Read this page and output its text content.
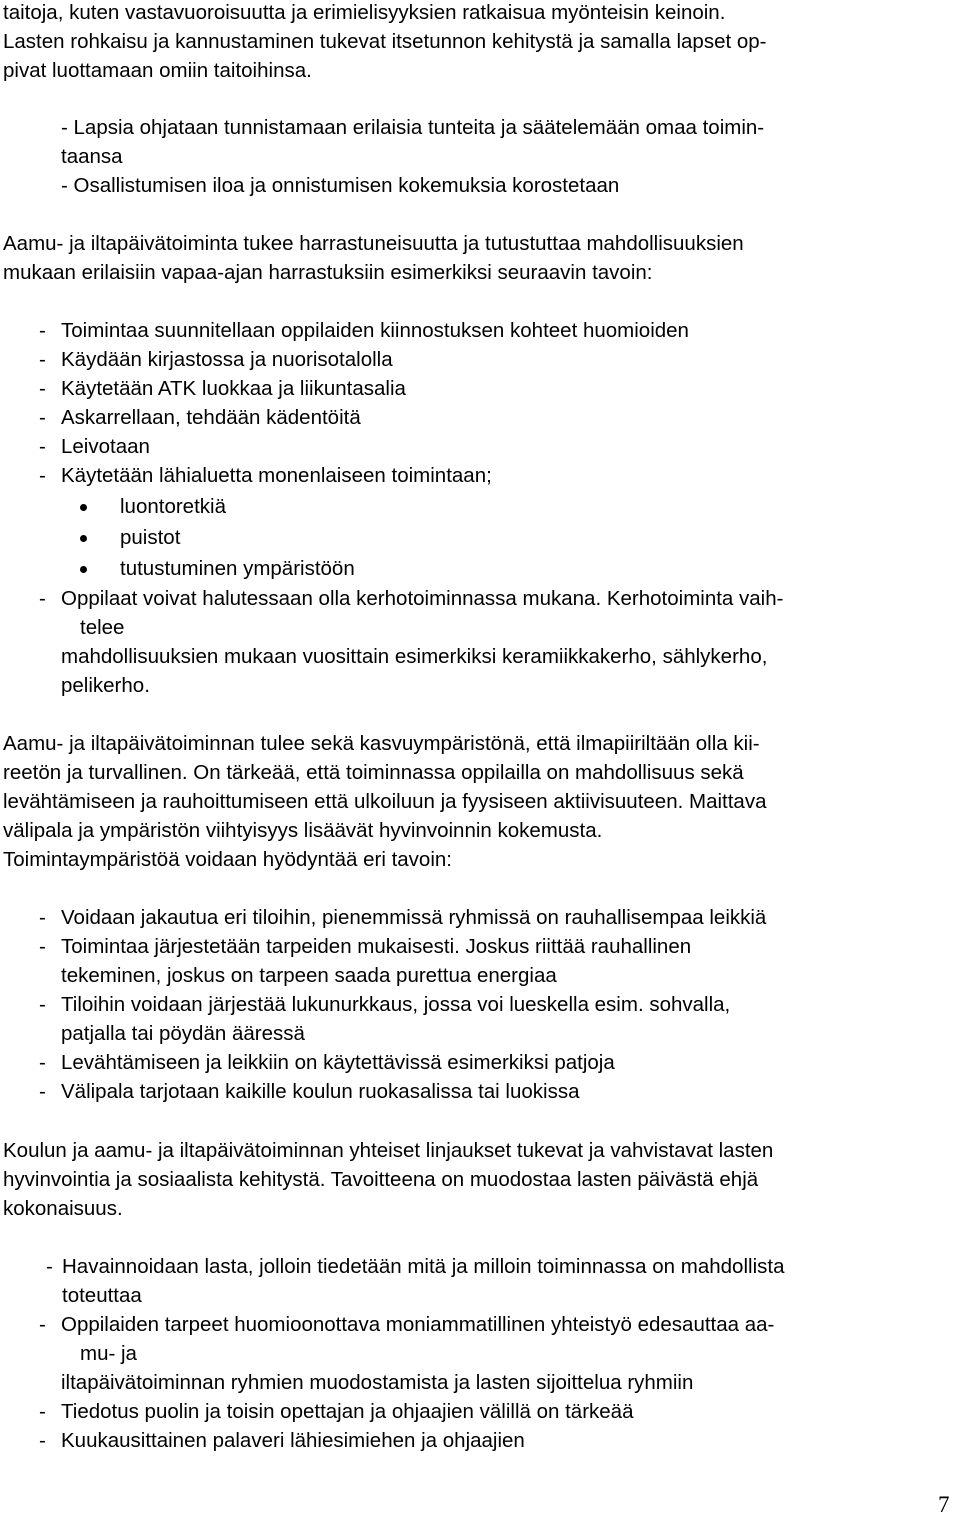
taitoja, kuten vastavuoroisuutta ja erimielisyyksien ratkaisua myönteisin keinoin.
Lasten rohkaisu ja kannustaminen tukevat itsetunnon kehitystä ja samalla lapset op-
pivat luottamaan omiin taitoihinsa.
- Lapsia ohjataan tunnistamaan erilaisia tunteita ja säätelemään omaa toimin-
taansa
- Osallistumisen iloa ja onnistumisen kokemuksia korostetaan
Aamu- ja iltapäivätoiminta tukee harrastuneisuutta ja tutustuttaa mahdollisuuksien
mukaan erilaisiin vapaa-ajan harrastuksiin esimerkiksi seuraavin tavoin:
- Toimintaa suunnitellaan oppilaiden kiinnostuksen kohteet huomioiden
- Käydään kirjastossa ja nuorisotalolla
- Käytetään ATK luokkaa ja liikuntasalia
- Askarrellaan, tehdään kädentöitä
- Leivotaan
- Käytetään lähialuetta monenlaiseen toimintaan;
luontoretkiä
puistot
tutustuminen ympäristöön
- Oppilaat voivat halutessaan olla kerhotoiminnassa mukana. Kerhotoiminta vaih-
telee
mahdollisuuksien mukaan vuosittain esimerkiksi keramiikkakerho, sählykerho,
pelikerho.
Aamu- ja iltapäivätoiminnan tulee sekä kasvuympäristönä, että ilmapiiriltään olla kii-
reetön ja turvallinen. On tärkeää, että toiminnassa oppilailla on mahdollisuus sekä
levähtämiseen ja rauhoittumiseen että ulkoiluun ja fyysiseen aktiivisuuteen. Maittava
välipala ja ympäristön viihtyisyys lisäävät hyvinvoinnin kokemusta.
Toimintaympäristöä voidaan hyödyntää eri tavoin:
- Voidaan jakautua eri tiloihin, pienemmissä ryhmissä on rauhallisempaa leikkiä
- Toimintaa järjestetään tarpeiden mukaisesti. Joskus riittää rauhallinen
tekeminen, joskus on tarpeen saada purettua energiaa
- Tiloihin voidaan järjestää lukunurkkaus, jossa voi lueskella esim. sohvalla,
patjalla tai pöydän ääressä
- Levähtämiseen ja leikkiin on käytettävissä esimerkiksi patjoja
- Välipala tarjotaan kaikille koulun ruokasalissa tai luokissa
Koulun ja aamu- ja iltapäivätoiminnan yhteiset linjaukset tukevat ja vahvistavat lasten
hyvinvointia ja sosiaalista kehitystä. Tavoitteena on muodostaa lasten päivästä ehjä
kokonaisuus.
- Havainnoidaan lasta, jolloin tiedetään mitä ja milloin toiminnassa on mahdollista
toteuttaa
- Oppilaiden tarpeet huomioonottava moniammatillinen yhteistyö edesauttaa aa-
mu- ja
iltapäivätoiminnan ryhmien muodostamista ja lasten sijoittelua ryhmiin
- Tiedotus puolin ja toisin opettajan ja ohjaajien välillä on tärkeää
- Kuukausittainen palaveri lähiesimiehen ja ohjaajien
7
